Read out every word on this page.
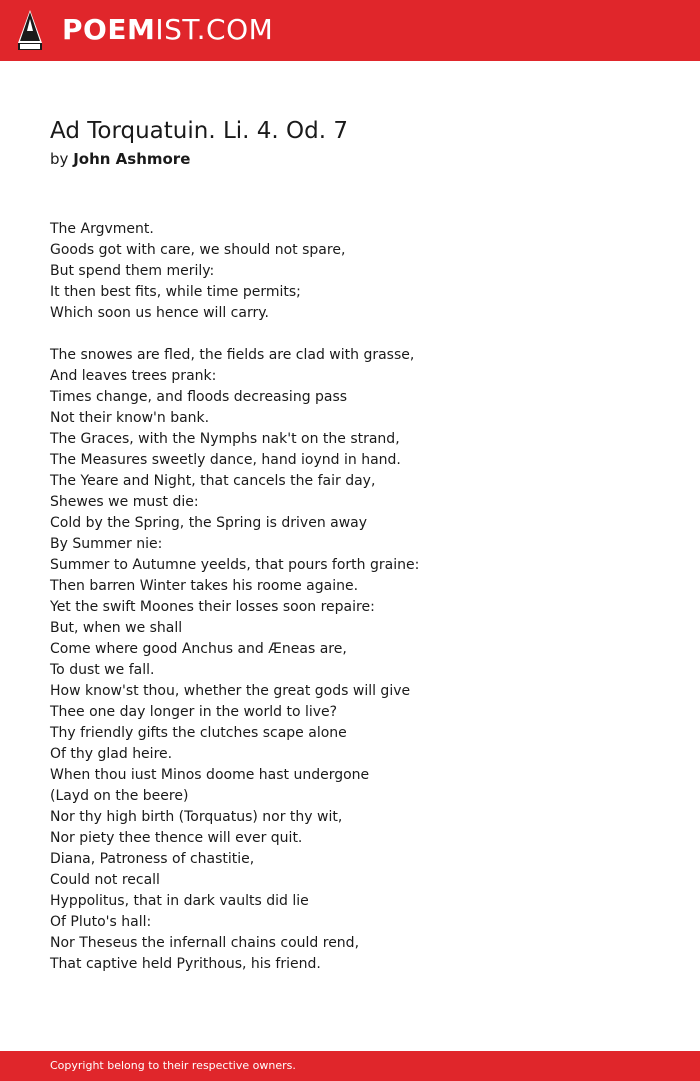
POEMIST.COM
Ad Torquatuin. Li. 4. Od. 7
by John Ashmore
The Argvment.
Goods got with care, we should not spare,
But spend them merily:
It then best fits, while time permits;
Which soon us hence will carry.
The snowes are fled, the fields are clad with grasse,
And leaves trees prank:
Times change, and floods decreasing pass
Not their know'n bank.
The Graces, with the Nymphs nak't on the strand,
The Measures sweetly dance, hand ioynd in hand.
The Yeare and Night, that cancels the fair day,
Shewes we must die:
Cold by the Spring, the Spring is driven away
By Summer nie:
Summer to Autumne yeelds, that pours forth graine:
Then barren Winter takes his roome againe.
Yet the swift Moones their losses soon repaire:
But, when we shall
Come where good Anchus and Æneas are,
To dust we fall.
How know'st thou, whether the great gods will give
Thee one day longer in the world to live?
Thy friendly gifts the clutches scape alone
Of thy glad heire.
When thou iust Minos doome hast undergone
(Layd on the beere)
Nor thy high birth (Torquatus) nor thy wit,
Nor piety thee thence will ever quit.
Diana, Patroness of chastitie,
Could not recall
Hyppolitus, that in dark vaults did lie
Of Pluto's hall:
Nor Theseus the infernall chains could rend,
That captive held Pyrithous, his friend.
Copyright belong to their respective owners.
